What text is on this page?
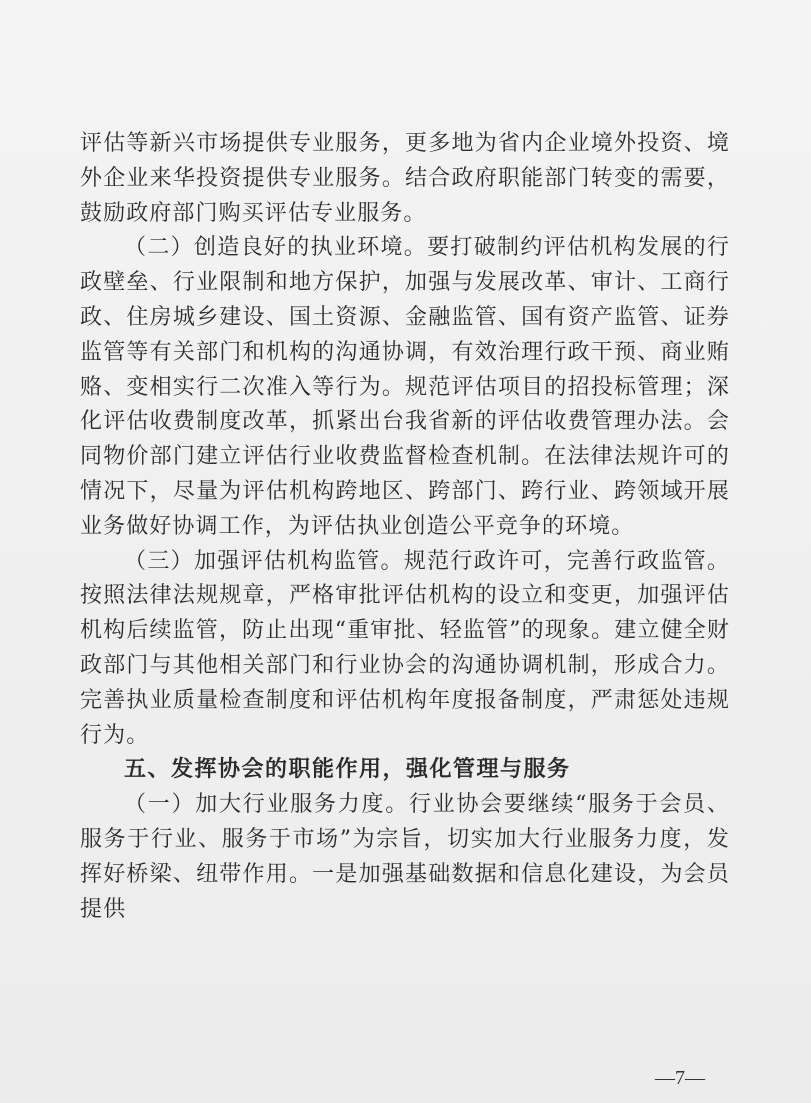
评估等新兴市场提供专业服务，更多地为省内企业境外投资、境外企业来华投资提供专业服务。结合政府职能部门转变的需要，鼓励政府部门购买评估专业服务。

（二）创造良好的执业环境。要打破制约评估机构发展的行政壁垒、行业限制和地方保护，加强与发展改革、审计、工商行政、住房城乡建设、国土资源、金融监管、国有资产监管、证券监管等有关部门和机构的沟通协调，有效治理行政干预、商业贿赂、变相实行二次准入等行为。规范评估项目的招投标管理；深化评估收费制度改革，抓紧出台我省新的评估收费管理办法。会同物价部门建立评估行业收费监督检查机制。在法律法规许可的情况下，尽量为评估机构跨地区、跨部门、跨行业、跨领域开展业务做好协调工作，为评估执业创造公平竞争的环境。

（三）加强评估机构监管。规范行政许可，完善行政监管。按照法律法规规章，严格审批评估机构的设立和变更，加强评估机构后续监管，防止出现“重审批、轻监管”的现象。建立健全财政部门与其他相关部门和行业协会的沟通协调机制，形成合力。完善执业质量检查制度和评估机构年度报备制度，严肃惩处违规行为。

五、发挥协会的职能作用，强化管理与服务

（一）加大行业服务力度。行业协会要继续“服务于会员、服务于行业、服务于市场”为宗旨，切实加大行业服务力度，发挥好桥梁、纽带作用。一是加强基础数据和信息化建设，为会员提供

—7—
